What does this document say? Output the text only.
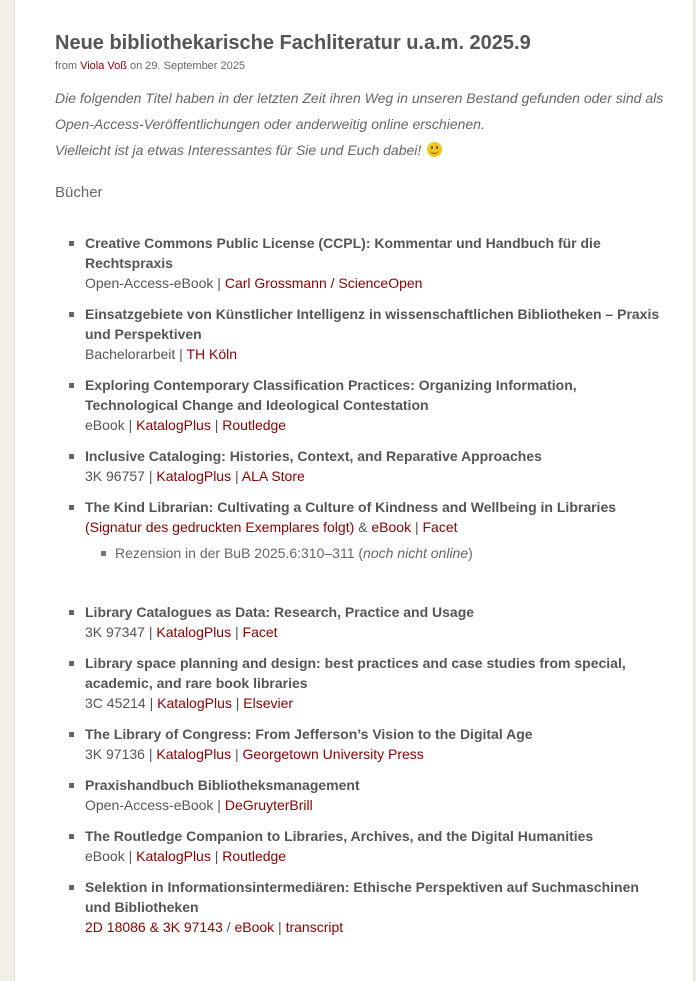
Neue bibliothekarische Fachliteratur u.a.m. 2025.9
from Viola Voß on 29. September 2025

Die folgenden Titel haben in der letzten Zeit ihren Weg in unseren Bestand gefunden oder sind als

Open-Access-Veröffentlichungen oder anderweitig online erschienen.

Vielleicht ist ja etwas Interessantes für Sie und Euch dabei!

Bücher
Creative Commons Public License (CCPL): Kommentar und Handbuch für die Rechtspraxis
Open-Access-eBook | Carl Grossmann / ScienceOpen
Einsatzgebiete von Künstlicher Intelligenz in wissenschaftlichen Bibliotheken – Praxis und Perspektiven
Bachelorarbeit | TH Köln
Exploring Contemporary Classification Practices: Organizing Information, Technological Change and Ideological Contestation
eBook | KatalogPlus | Routledge
Inclusive Cataloging: Histories, Context, and Reparative Approaches
3K 96757 | KatalogPlus | ALA Store
The Kind Librarian: Cultivating a Culture of Kindness and Wellbeing in Libraries
(Signatur des gedruckten Exemplares folgt) & eBook | Facet
Rezension in der BuB 2025.6:310–311 (noch nicht online)
Library Catalogues as Data: Research, Practice and Usage
3K 97347 | KatalogPlus | Facet
Library space planning and design: best practices and case studies from special, academic, and rare book libraries
3C 45214 | KatalogPlus | Elsevier
The Library of Congress: From Jefferson’s Vision to the Digital Age
3K 97136 | KatalogPlus | Georgetown University Press
Praxishandbuch Bibliotheksmanagement
Open-Access-eBook | DeGruyterBrill
The Routledge Companion to Libraries, Archives, and the Digital Humanities
eBook | KatalogPlus | Routledge
Selektion in Informationsintermediären: Ethische Perspektiven auf Suchmaschinen und Bibliotheken
2D 18086 & 3K 97143 / eBook | transcript
